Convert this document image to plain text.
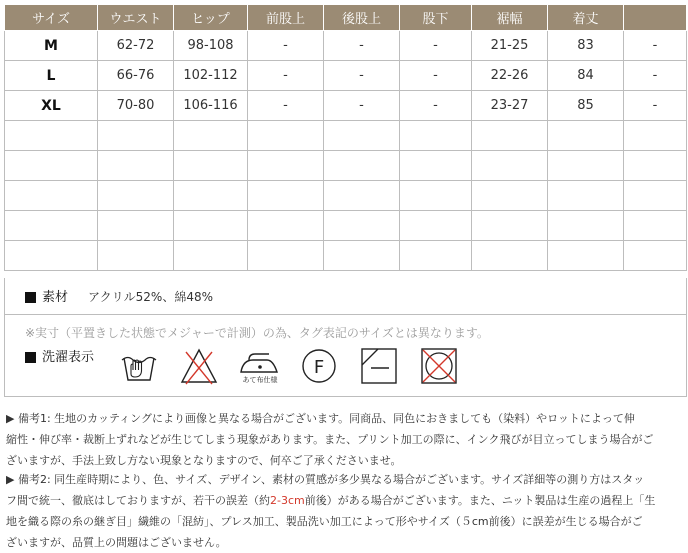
サイズ	ウエスト	ヒップ	前股上	後股上	股下	裾幅	着丈	
M	62-72	98-108	-	-	-	21-25	83	-
L	66-76	102-112	-	-	-	22-26	84	-
XL	70-80	106-116	-	-	-	23-27	85	-

素材 アクリル52%、綿48%
※実寸（平置きした状態でメジャーで計測）の為、タグ表記のサイズとは異なります。
洗濯表示
あて布仕様
F
▶ 備考1: 生地のカッティングにより画像と異なる場合がございます。同商品、同色におきましても（染料）やロットによって伸
縮性・伸び率・裁断上ずれなどが生じてしまう現象があります。また、プリント加工の際に、インク飛びが目立ってしまう場合がご
ざいますが、手法上致し方ない現象となりますので、何卒ご了承くださいませ。
▶ 備考2: 同生産時期により、色、サイズ、デザイン、素材の質感が多少異なる場合がございます。サイズ詳細等の測り方はスタッ
フ間で統一、徹底はしておりますが、若干の誤差（約2-3cm前後）がある場合がございます。また、ニット製品は生産の過程上「生
地を織る際の糸の継ぎ目」繊維の「混紡」、プレス加工、製品洗い加工によって形やサイズ（５cm前後）に誤差が生じる場合がご
ざいますが、品質上の問題はございません。
